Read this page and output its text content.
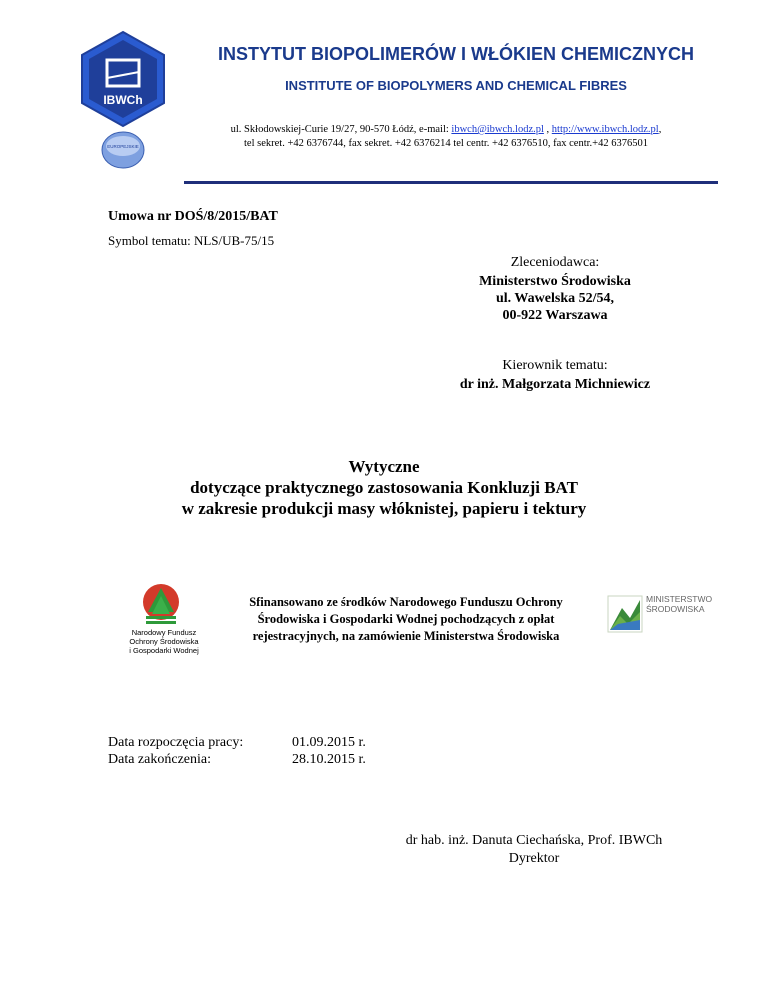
IBWCh
EUROPEJSKIE
INSTYTUT BIOPOLIMERÓW I WŁÓKIEN CHEMICZNYCH
INSTITUTE OF BIOPOLYMERS AND CHEMICAL FIBRES
ul. Skłodowskiej-Curie 19/27, 90-570 Łódź, e-mail: ibwch@ibwch.lodz.pl , http://www.ibwch.lodz.pl,
tel sekret. +42 6376744, fax sekret. +42 6376214 tel centr. +42 6376510, fax centr.+42 6376501
Umowa nr DOŚ/8/2015/BAT
Symbol tematu: NLS/UB-75/15
Zleceniodawca:
Ministerstwo Środowiska
ul. Wawelska 52/54,
00-922 Warszawa
Kierownik tematu:
dr inż. Małgorzata Michniewicz
Wytyczne
dotyczące praktycznego zastosowania Konkluzji BAT
w zakresie produkcji masy włóknistej, papieru i tektury
Narodowy Fundusz
Ochrony Środowiska
i Gospodarki Wodnej
Sfinansowano ze środków Narodowego Funduszu Ochrony
Środowiska i Gospodarki Wodnej pochodzących z opłat
rejestracyjnych, na zamówienie Ministerstwa Środowiska
MINISTERSTWO
ŚRODOWISKA
Data rozpoczęcia pracy:	01.09.2015 r.
Data zakończenia:	28.10.2015 r.
dr hab. inż. Danuta Ciechańska, Prof. IBWCh
Dyrektor
